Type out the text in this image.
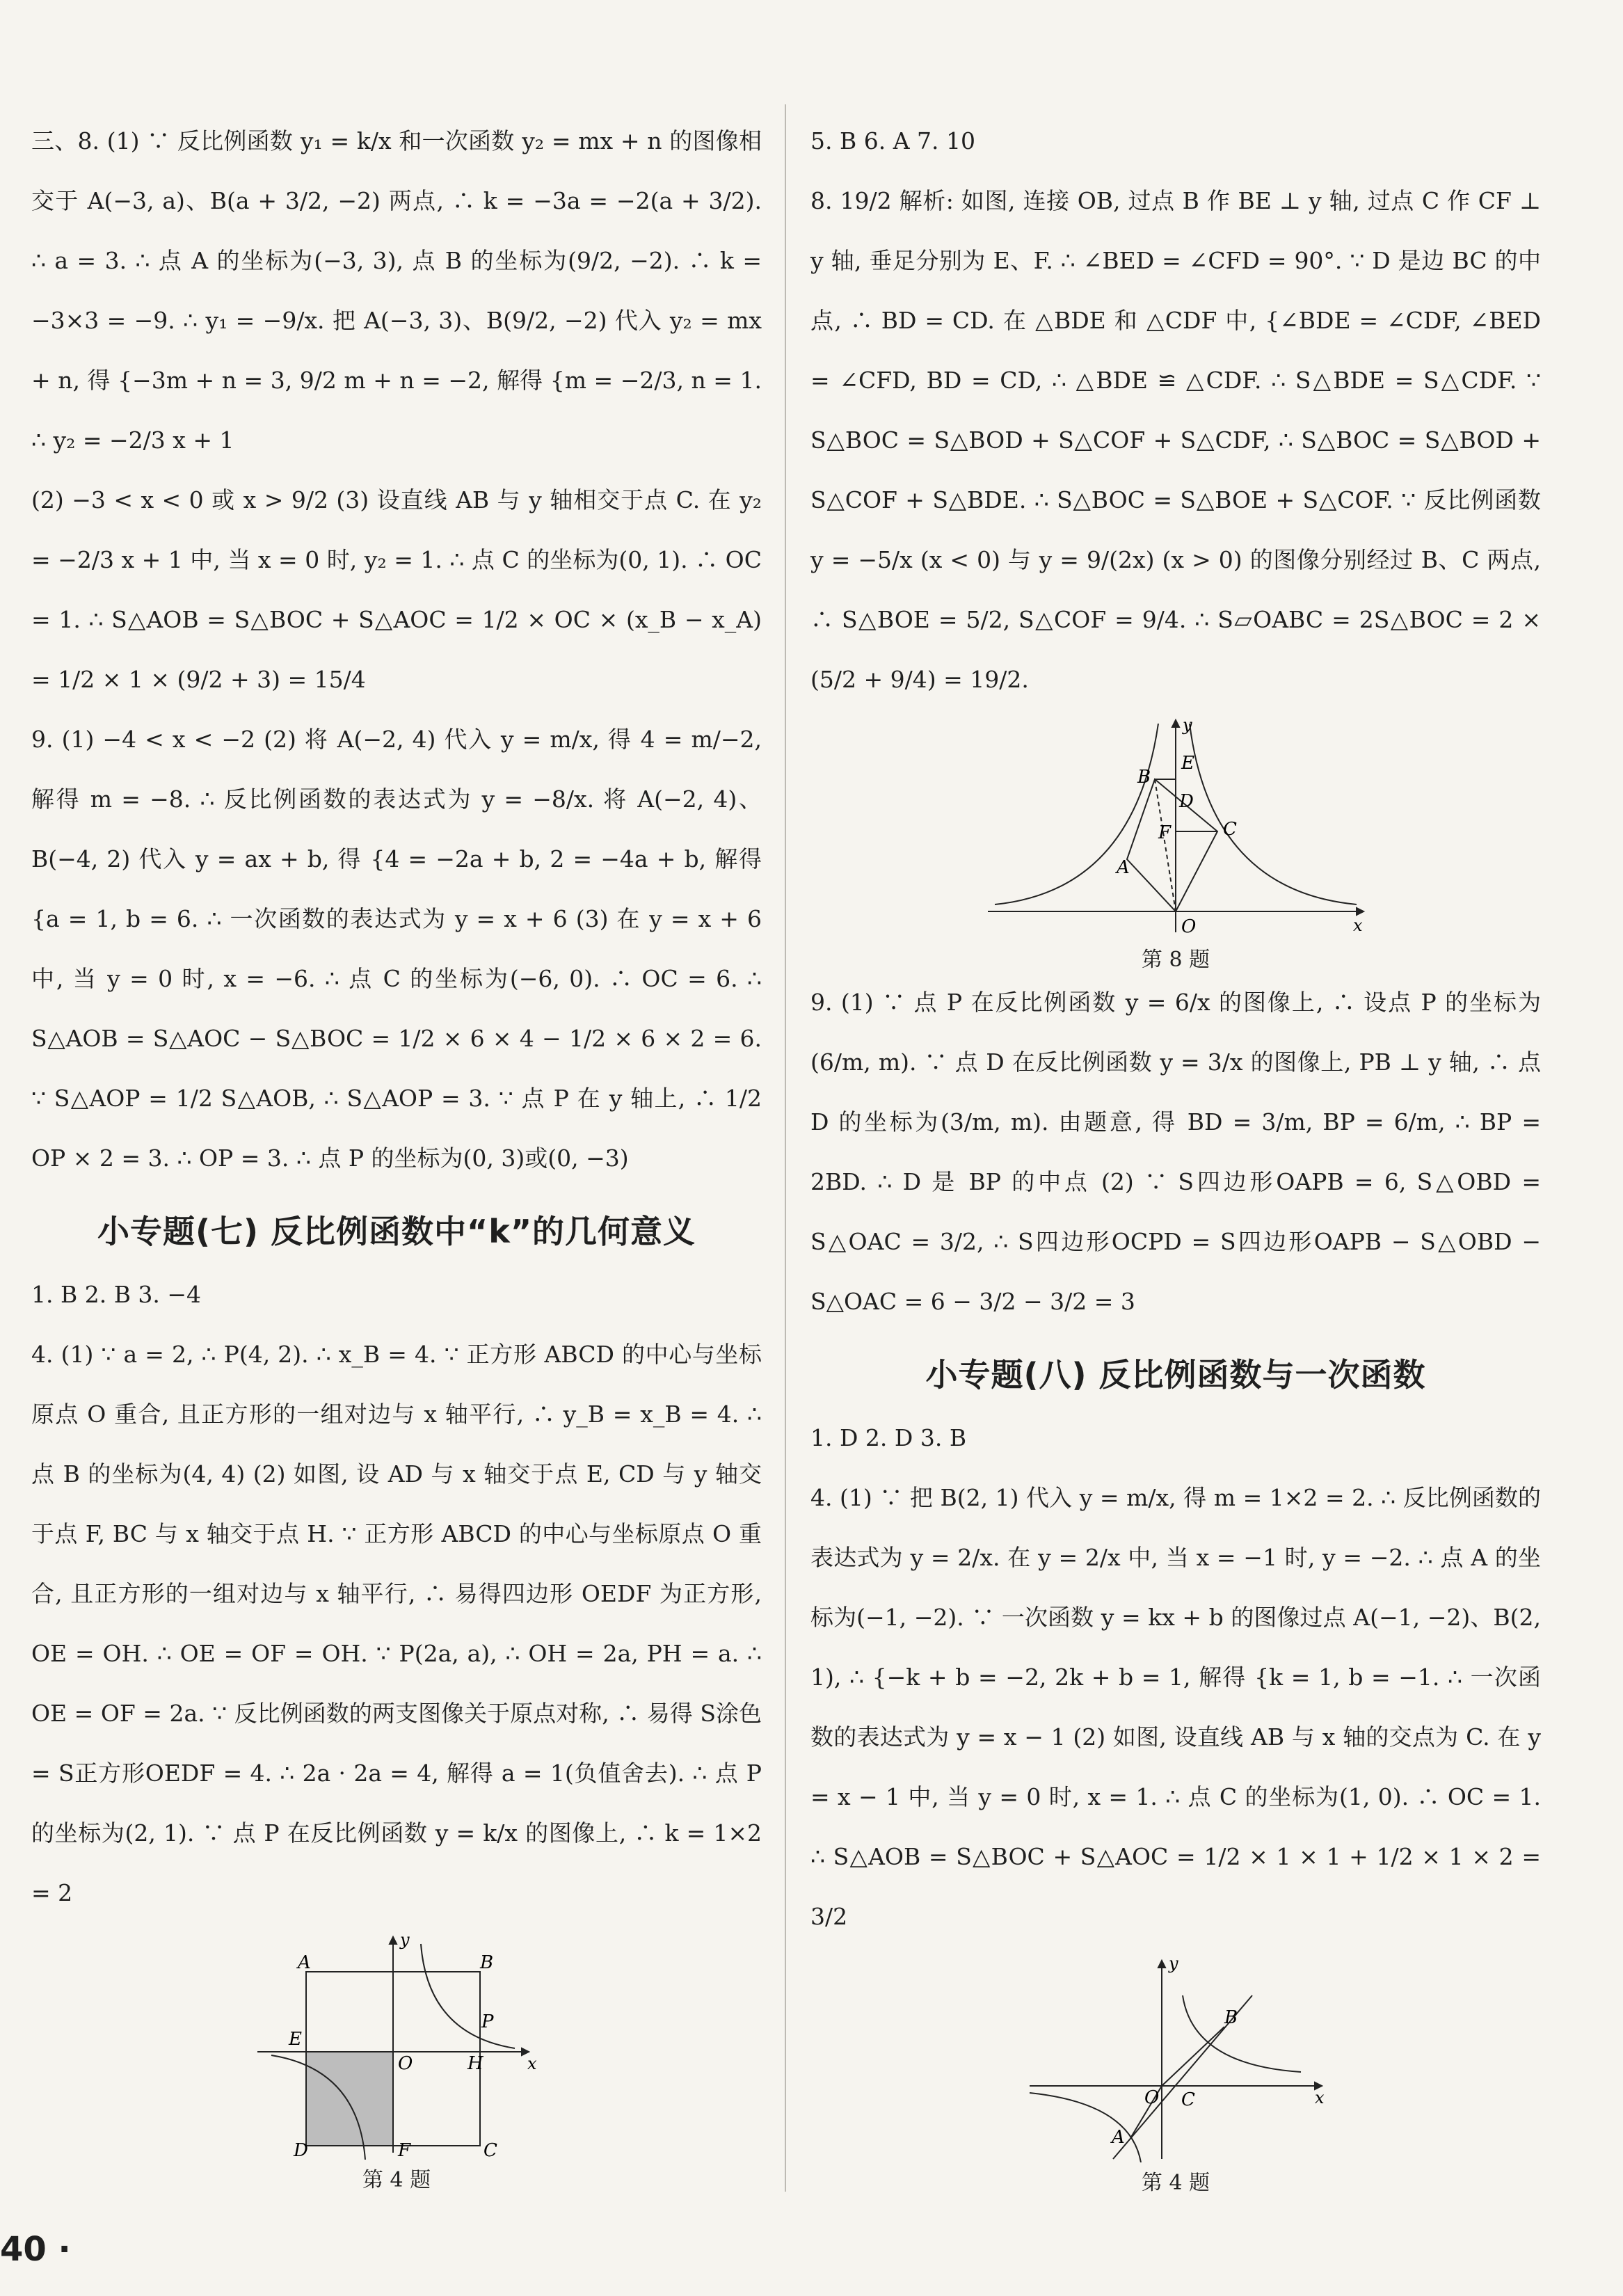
三、8. (1) ∵ 反比例函数 y₁ = k/x 和一次函数 y₂ = mx + n 的图像相交于 A(−3, a)、B(a + 3/2, −2) 两点, ∴ k = −3a = −2(a + 3/2). ∴ a = 3. ∴ 点 A 的坐标为(−3, 3), 点 B 的坐标为(9/2, −2). ∴ k = −3×3 = −9. ∴ y₁ = −9/x. 把 A(−3, 3)、B(9/2, −2) 代入 y₂ = mx + n, 得 {−3m + n = 3, 9/2 m + n = −2, 解得 {m = −2/3, n = 1. ∴ y₂ = −2/3 x + 1

(2) −3 < x < 0 或 x > 9/2 (3) 设直线 AB 与 y 轴相交于点 C. 在 y₂ = −2/3 x + 1 中, 当 x = 0 时, y₂ = 1. ∴ 点 C 的坐标为(0, 1). ∴ OC = 1. ∴ S△AOB = S△BOC + S△AOC = 1/2 × OC × (x_B − x_A) = 1/2 × 1 × (9/2 + 3) = 15/4

9. (1) −4 < x < −2 (2) 将 A(−2, 4) 代入 y = m/x, 得 4 = m/−2, 解得 m = −8. ∴ 反比例函数的表达式为 y = −8/x. 将 A(−2, 4)、B(−4, 2) 代入 y = ax + b, 得 {4 = −2a + b, 2 = −4a + b, 解得 {a = 1, b = 6. ∴ 一次函数的表达式为 y = x + 6 (3) 在 y = x + 6 中, 当 y = 0 时, x = −6. ∴ 点 C 的坐标为(−6, 0). ∴ OC = 6. ∴ S△AOB = S△AOC − S△BOC = 1/2 × 6 × 4 − 1/2 × 6 × 2 = 6. ∵ S△AOP = 1/2 S△AOB, ∴ S△AOP = 3. ∵ 点 P 在 y 轴上, ∴ 1/2 OP × 2 = 3. ∴ OP = 3. ∴ 点 P 的坐标为(0, 3)或(0, −3)

小专题(七) 反比例函数中“k”的几何意义

1. B 2. B 3. −4

4. (1) ∵ a = 2, ∴ P(4, 2). ∴ x_B = 4. ∵ 正方形 ABCD 的中心与坐标原点 O 重合, 且正方形的一组对边与 x 轴平行, ∴ y_B = x_B = 4. ∴ 点 B 的坐标为(4, 4) (2) 如图, 设 AD 与 x 轴交于点 E, CD 与 y 轴交于点 F, BC 与 x 轴交于点 H. ∵ 正方形 ABCD 的中心与坐标原点 O 重合, 且正方形的一组对边与 x 轴平行, ∴ 易得四边形 OEDF 为正方形, OE = OH. ∴ OE = OF = OH. ∵ P(2a, a), ∴ OH = 2a, PH = a. ∴ OE = OF = 2a. ∵ 反比例函数的两支图像关于原点对称, ∴ 易得 S涂色 = S正方形OEDF = 4. ∴ 2a · 2a = 4, 解得 a = 1(负值舍去). ∴ 点 P 的坐标为(2, 1). ∵ 点 P 在反比例函数 y = k/x 的图像上, ∴ k = 1×2 = 2

A	B
P
E
O	H
D	F	C
x
y
第 4 题

5. B 6. A 7. 10

8. 19/2 解析: 如图, 连接 OB, 过点 B 作 BE ⊥ y 轴, 过点 C 作 CF ⊥ y 轴, 垂足分别为 E、F. ∴ ∠BED = ∠CFD = 90°. ∵ D 是边 BC 的中点, ∴ BD = CD. 在 △BDE 和 △CDF 中, {∠BDE = ∠CDF, ∠BED = ∠CFD, BD = CD, ∴ △BDE ≌ △CDF. ∴ S△BDE = S△CDF. ∵ S△BOC = S△BOD + S△COF + S△CDF, ∴ S△BOC = S△BOD + S△COF + S△BDE. ∴ S△BOC = S△BOE + S△COF. ∵ 反比例函数 y = −5/x (x < 0) 与 y = 9/(2x) (x > 0) 的图像分别经过 B、C 两点, ∴ S△BOE = 5/2, S△COF = 9/4. ∴ S▱OABC = 2S△BOC = 2 × (5/2 + 9/4) = 19/2.

B
E
D
F	C
A
O	x
y
第 8 题

9. (1) ∵ 点 P 在反比例函数 y = 6/x 的图像上, ∴ 设点 P 的坐标为(6/m, m). ∵ 点 D 在反比例函数 y = 3/x 的图像上, PB ⊥ y 轴, ∴ 点 D 的坐标为(3/m, m). 由题意, 得 BD = 3/m, BP = 6/m, ∴ BP = 2BD. ∴ D 是 BP 的中点 (2) ∵ S四边形OAPB = 6, S△OBD = S△OAC = 3/2, ∴ S四边形OCPD = S四边形OAPB − S△OBD − S△OAC = 6 − 3/2 − 3/2 = 3

小专题(八) 反比例函数与一次函数

1. D 2. D 3. B

4. (1) ∵ 把 B(2, 1) 代入 y = m/x, 得 m = 1×2 = 2. ∴ 反比例函数的表达式为 y = 2/x. 在 y = 2/x 中, 当 x = −1 时, y = −2. ∴ 点 A 的坐标为(−1, −2). ∵ 一次函数 y = kx + b 的图像过点 A(−1, −2)、B(2, 1), ∴ {−k + b = −2, 2k + b = 1, 解得 {k = 1, b = −1. ∴ 一次函数的表达式为 y = x − 1 (2) 如图, 设直线 AB 与 x 轴的交点为 C. 在 y = x − 1 中, 当 y = 0 时, x = 1. ∴ 点 C 的坐标为(1, 0). ∴ OC = 1. ∴ S△AOB = S△BOC + S△AOC = 1/2 × 1 × 1 + 1/2 × 1 × 2 = 3/2

B
O C
A
x
y
第 4 题
40 ·
